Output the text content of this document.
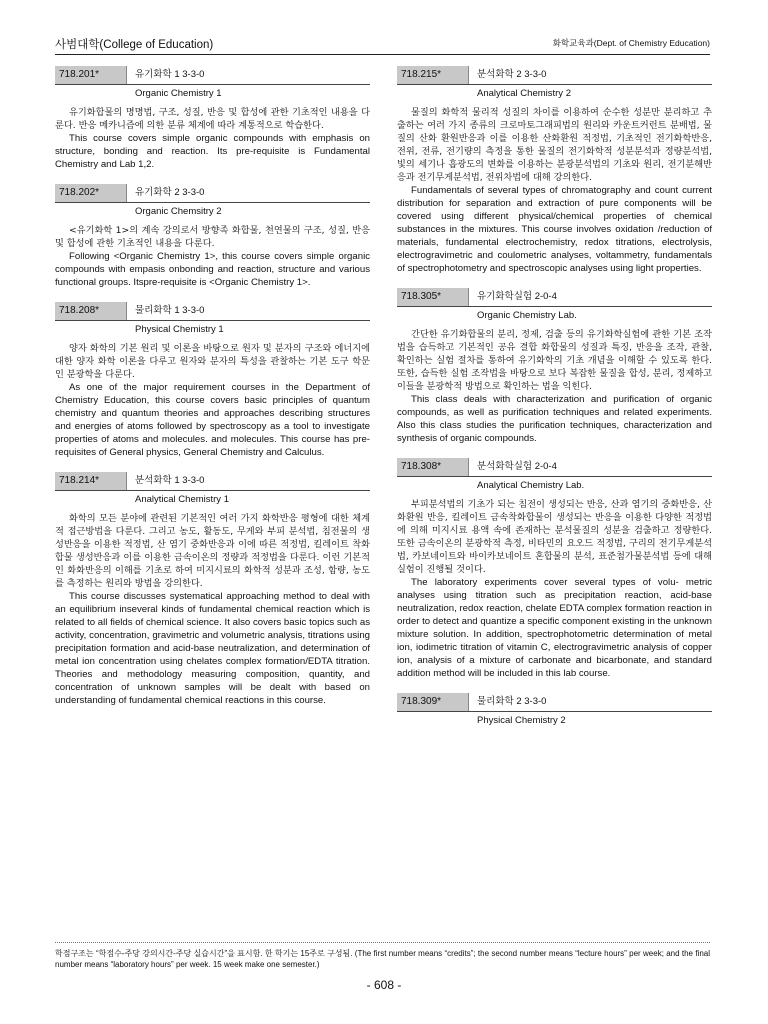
사범대학(College of Education)	화학교육과(Dept. of Chemistry Education)
718.201*	유기화학 1 3-3-0
Organic Chemistry 1

유기화합물의 명명법, 구조, 성질, 반응 및 합성에 관한 기초적인 내용을 다룬다. 반응 메카니즘에 의한 분류 체계에 따라 계통적으로 학습한다.

This course covers simple organic compounds with emphasis on structure, bonding and reaction. Its pre-requisite is Fundamental Chemistry and Lab 1,2.

718.202*	유기화학 2 3-3-0
Organic Chemsitry 2

<유기화학 1>의 계속 강의로서 방향족 화합물, 천연물의 구조, 성질, 반응 및 합성에 관한 기초적인 내용을 다룬다.

Following <Organic Chemistry 1>, this course covers simple organic compounds with empasis onbonding and reaction, structure and various functional groups. Itspre-requisite is <Organic Chemistry 1>.

718.208*	물리화학 1 3-3-0
Physical Chemistry 1

양자 화학의 기본 원리 및 이론을 바탕으로 원자 및 분자의 구조와 에너지에 대한 양자 화학 이론을 다루고 원자와 분자의 특성을 관찰하는 기본 도구 학문인 분광학을 다룬다.

As one of the major requirement courses in the Department of Chemistry Education, this course covers basic principles of quantum chemistry and quantum theories and approaches describing structures and energies of atoms followed by spectroscopy as a tool to investigate properties of atoms and molecules. and molecules. This course has pre-requisites of General physics, General Chemistry and Calculus.

718.214*	분석화학 1 3-3-0
Analytical Chemistry 1

화학의 모든 분야에 관련된 기본적인 여러 가지 화학반응 평형에 대한 체계적 접근방법을 다룬다. 그리고 농도, 활동도, 무게와 부피 분석법, 침전물의 생성반응을 이용한 적정법, 산 염기 중화반응과 이에 따른 적정법, 킬레이트 착화합물 생성반응과 이를 이용한 금속이온의 정량과 적정법을 다룬다. 이런 기본적인 화화반응의 이해를 기초로 하여 미지시료의 화학적 성분과 조성, 함량, 농도를 측정하는 원리와 방법을 강의한다.

This course discusses systematical approaching method to deal with an equilibrium inseveral kinds of fundamental chemical reaction which is related to all fields of chemical science. It also covers basic topics such as activity, concentration, gravimetric and volumetric analysis, titrations using precipitation formation and acid-base neutralization, and determination of metal ion concentration using chelates complex formation/EDTA titration. Theories and methodology measuring composition, quantity, and concentration of unknown samples will be dealt with based on understanding of fundamental chemical reactions in this course.

718.215*	분석화학 2 3-3-0
Analytical Chemistry 2

물질의 화학적 물리적 성질의 차이를 이용하여 순수한 성분만 분리하고 추출하는 여러 가지 종류의 크로마토그래피법의 원리와 카운트커런트 분배법, 물질의 산화 환원반응과 이를 이용한 산화환원 적정법, 기초적인 전기화학반응, 전위, 전류, 전기량의 측정을 통한 물질의 전기화학적 성분분석과 정량분석법, 빛의 세기나 흡광도의 변화를 이용하는 분광분석법의 기초와 원리, 전기분해반응과 전기무게분석법, 전위차법에 대해 강의한다.

Fundamentals of several types of chromatography and count current distribution for separation and extraction of pure components will be covered using different physical/chemical properties of chemical substances in the mixtures. This course involves oxidation /reduction of materials, fundamental electrochemistry, redox titrations, electrolysis, electrogravimetric and coulometric analyses, voltammetry, fundamentals of spectrophotometry and spectroscopic analyses using light properties.

718.305*	유기화학실험 2-0-4
Organic Chemistry Lab.

간단한 유기화합물의 분리, 정제, 검출 등의 유기화학실험에 관한 기본 조작법을 습득하고 기본적인 공유 결합 화합물의 성질과 특징, 반응을 조작, 관찰, 확인하는 실험 절차를 통하여 유기화학의 기초 개념을 이해할 수 있도록 한다. 또한, 습득한 실험 조작법을 바탕으로 보다 복잡한 물질을 합성, 분리, 정제하고 이들을 분광학적 방법으로 확인하는 법을 익힌다.

This class deals with characterization and purification of organic compounds, as well as purification techniques and related experiments. Also this class studies the purification techniques, characterization and synthesis of organic compounds.

718.308*	분석화학실험 2-0-4
Analytical Chemistry Lab.

부피분석법의 기초가 되는 침전이 생성되는 반응, 산과 염기의 중화반응, 산화환원 반응, 킬레이트 금속착화합물이 생성되는 반응을 이용한 다양한 적정법에 의해 미지시료 용액 속에 존재하는 분석물질의 성분을 검출하고 정량한다. 또한 금속이온의 분광학적 측정, 비타민의 요오드 적정법, 구리의 전기무게분석법, 카보네이트와 바이카보네이트 혼합물의 분석, 표준첨가물분석법 등에 대해 실험이 진행될 것이다.

The laboratory experiments cover several types of volu- metric analyses using titration such as precipitation reaction, acid-base neutralization, redox reaction, chelate EDTA complex formation reaction in order to detect and quantize a specific component existing in the unknown mixture solution. In addition, spectrophotometric determination of metal ion, iodimetric titration of vitamin C, electrogravimetric analysis of copper ion, analysis of a mixture of carbonate and bicarbonate, and standard addition method will be included in this lab course.

718.309*	물리화학 2 3-3-0
Physical Chemistry 2
학점구조는 “학점수-주당 강의시간-주당 실습시간”을 표시함. 한 학기는 15주로 구성됨. (The first number means “credits”; the second number means “lecture hours” per week; and the final number means “laboratory hours” per week. 15 week make one semester.)
- 608 -
